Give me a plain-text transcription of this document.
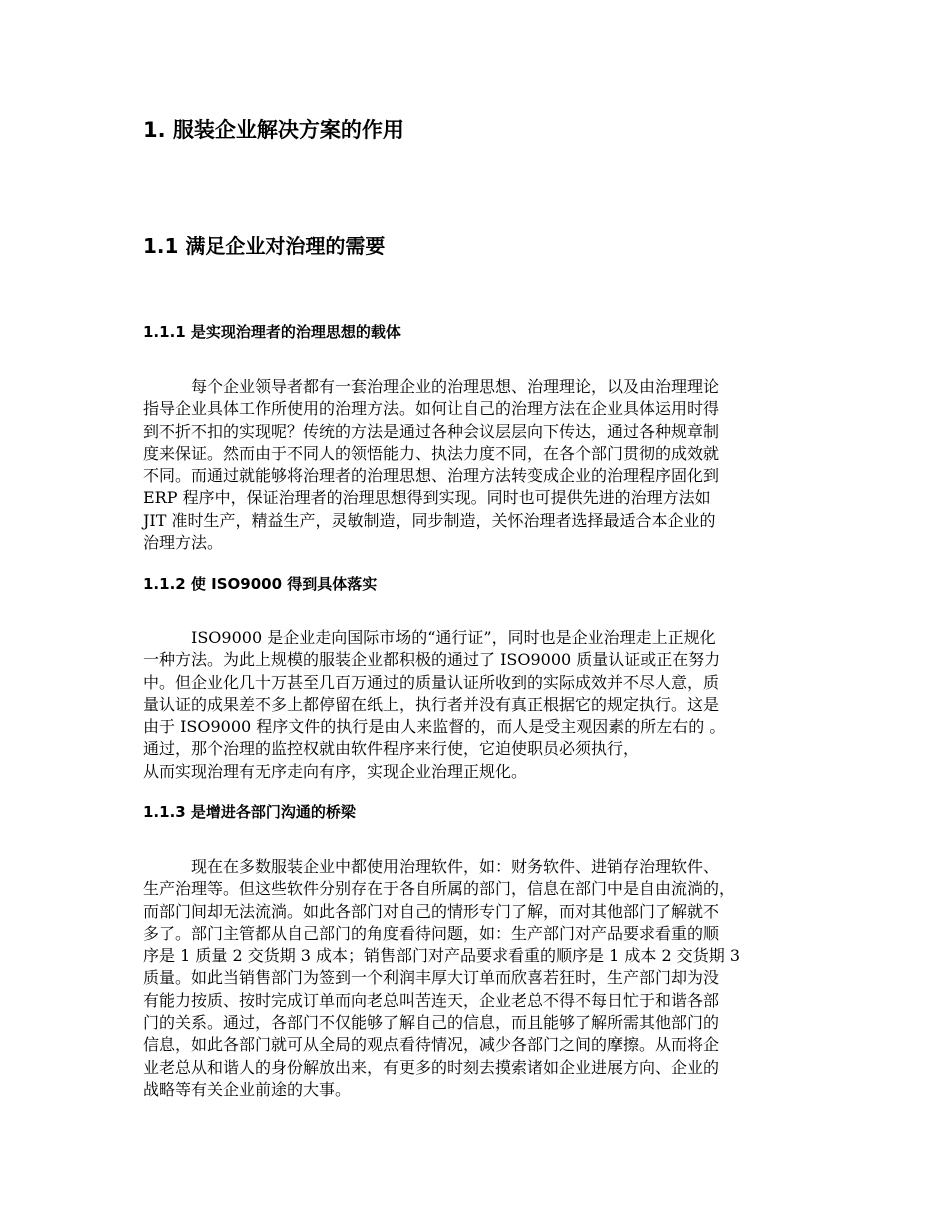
1. 服装企业解决方案的作用
1.1 满足企业对治理的需要
1.1.1 是实现治理者的治理思想的载体
每个企业领导者都有一套治理企业的治理思想、治理理论，以及由治理理论
指导企业具体工作所使用的治理方法。如何让自己的治理方法在企业具体运用时得
到不折不扣的实现呢？传统的方法是通过各种会议层层向下传达，通过各种规章制
度来保证。然而由于不同人的领悟能力、执法力度不同，在各个部门贯彻的成效就
不同。而通过就能够将治理者的治理思想、治理方法转变成企业的治理程序固化到
ERP 程序中，保证治理者的治理思想得到实现。同时也可提供先进的治理方法如
JIT 准时生产，精益生产，灵敏制造，同步制造，关怀治理者选择最适合本企业的
治理方法。
1.1.2 使 ISO9000 得到具体落实
ISO9000 是企业走向国际市场的“通行证”，同时也是企业治理走上正规化
一种方法。为此上规模的服装企业都积极的通过了 ISO9000 质量认证或正在努力
中。但企业化几十万甚至几百万通过的质量认证所收到的实际成效并不尽人意，质
量认证的成果差不多上都停留在纸上，执行者并没有真正根据它的规定执行。这是
由于 ISO9000 程序文件的执行是由人来监督的，而人是受主观因素的所左右的 。
通过，那个治理的监控权就由软件程序来行使，它迫使职员必须执行，
从而实现治理有无序走向有序，实现企业治理正规化。
1.1.3 是增进各部门沟通的桥梁
现在在多数服装企业中都使用治理软件，如：财务软件、进销存治理软件、
生产治理等。但这些软件分别存在于各自所属的部门，信息在部门中是自由流淌的，
而部门间却无法流淌。如此各部门对自己的情形专门了解，而对其他部门了解就不
多了。部门主管都从自己部门的角度看待问题，如：生产部门对产品要求看重的顺
序是 1 质量 2 交货期 3 成本；销售部门对产品要求看重的顺序是 1 成本 2 交货期 3
质量。如此当销售部门为签到一个利润丰厚大订单而欣喜若狂时，生产部门却为没
有能力按质、按时完成订单而向老总叫苦连天，企业老总不得不每日忙于和谐各部
门的关系。通过，各部门不仅能够了解自己的信息，而且能够了解所需其他部门的
信息，如此各部门就可从全局的观点看待情况，减少各部门之间的摩擦。从而将企
业老总从和谐人的身份解放出来，有更多的时刻去摸索诸如企业进展方向、企业的
战略等有关企业前途的大事。
